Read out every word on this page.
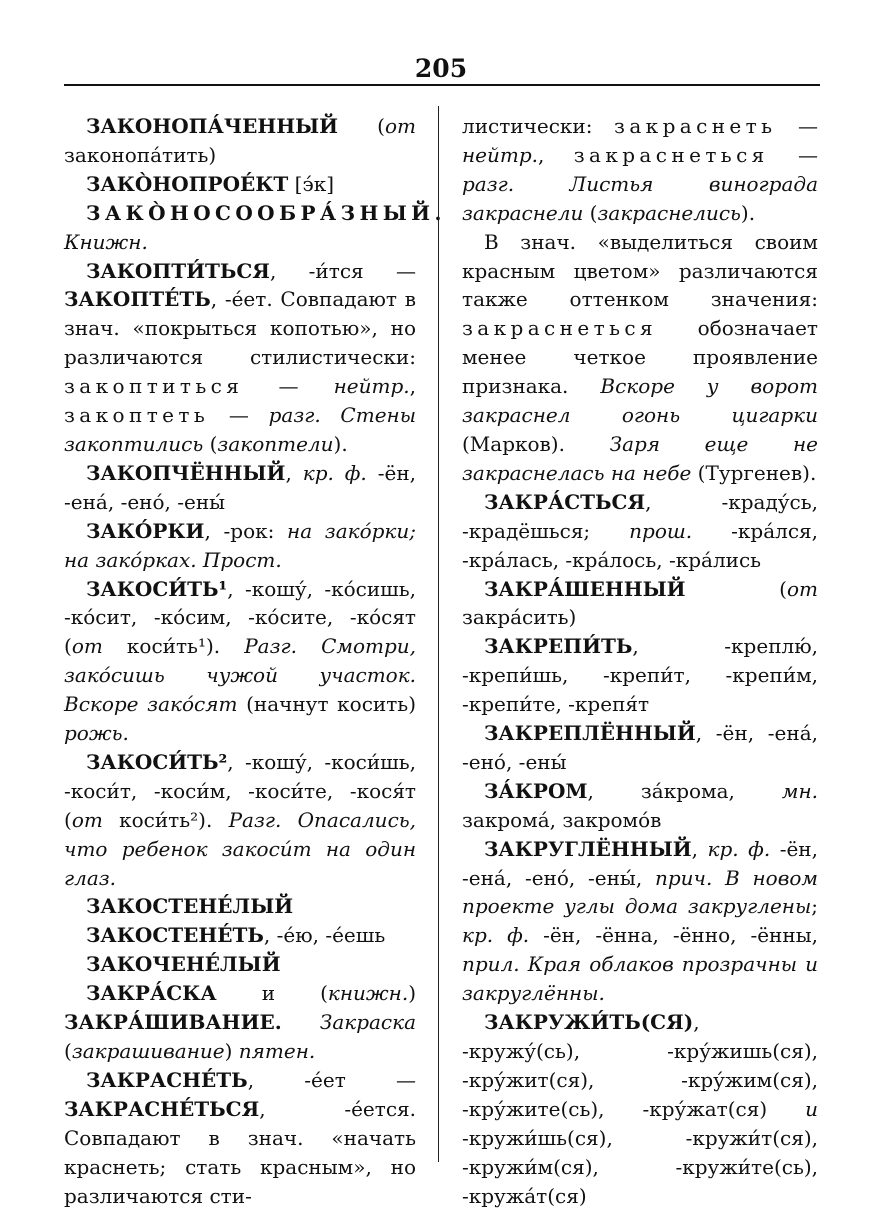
205

ЗАКОНОПА́ЧЕННЫЙ (от законопа́тить)

ЗАКО̀НОПРОЕ́КТ [э́к]

ЗАКО̀НОСООБРА́ЗНЫЙ. Книжн.

ЗАКОПТИ́ТЬСЯ, -и́тся — ЗАКОПТЕ́ТЬ, -е́ет. Совпадают в знач. «покрыться копотью», но различаются стилистически: закоптиться — нейтр., закоптеть — разг. Стены закоптились (закоптели).

ЗАКОПЧЁННЫЙ, кр. ф. -ён, -ена́, -ено́, -ены́

ЗАКО́РКИ, -рок: на зако́рки; на зако́рках. Прост.

ЗАКОСИ́ТЬ¹, -кошу́, -ко́сишь, -ко́сит, -ко́сим, -ко́сите, -ко́сят (от коси́ть¹). Разг. Смотри, зако́сишь чужой участок. Вскоре зако́сят (начнут косить) рожь.

ЗАКОСИ́ТЬ², -кошу́, -коси́шь, -коси́т, -коси́м, -коси́те, -кося́т (от коси́ть²). Разг. Опасались, что ребенок закоси́т на один глаз.

ЗАКОСТЕНЕ́ЛЫЙ

ЗАКОСТЕНЕ́ТЬ, -е́ю, -е́ешь

ЗАКОЧЕНЕ́ЛЫЙ

ЗАКРА́СКА и (книжн.) ЗАКРА́ШИВАНИЕ. Закраска (закрашивание) пятен.

ЗАКРАСНЕ́ТЬ, -е́ет — ЗАКРАСНЕ́ТЬСЯ, -е́ется. Совпадают в знач. «начать краснеть; стать красным», но различаются сти-

листически: закраснеть — нейтр., закраснеться — разг. Листья винограда закраснели (закраснелись).

В знач. «выделиться своим красным цветом» различаются также оттенком значения: закраснеться обозначает менее четкое проявление признака. Вскоре у ворот закраснел огонь цигарки (Марков). Заря еще не закраснелась на небе (Тургенев).

ЗАКРА́СТЬСЯ, -краду́сь, -крадёшься; прош. -кра́лся, -кра́лась, -кра́лось, -кра́лись

ЗАКРА́ШЕННЫЙ (от закра́сить)

ЗАКРЕПИ́ТЬ, -креплю́, -крепи́шь, -крепи́т, -крепи́м, -крепи́те, -крепя́т

ЗАКРЕПЛЁННЫЙ, -ён, -ена́, -ено́, -ены́

ЗА́КРОМ, за́крома, мн. закрома́, закромо́в

ЗАКРУГЛЁННЫЙ, кр. ф. -ён, -ена́, -ено́, -ены́, прич. В новом проекте углы дома закруглены; кр. ф. -ён, -ённа, -ённо, -ённы, прил. Края облаков прозрачны и закруглённы.

ЗАКРУЖИ́ТЬ(СЯ), -кружу́(сь), -кру́жишь(ся), -кру́жит(ся), -кру́жим(ся), -кру́жите(сь), -кру́жат(ся) и -кружи́шь(ся), -кружи́т(ся), -кружи́м(ся), -кружи́те(сь), -кружа́т(ся)
